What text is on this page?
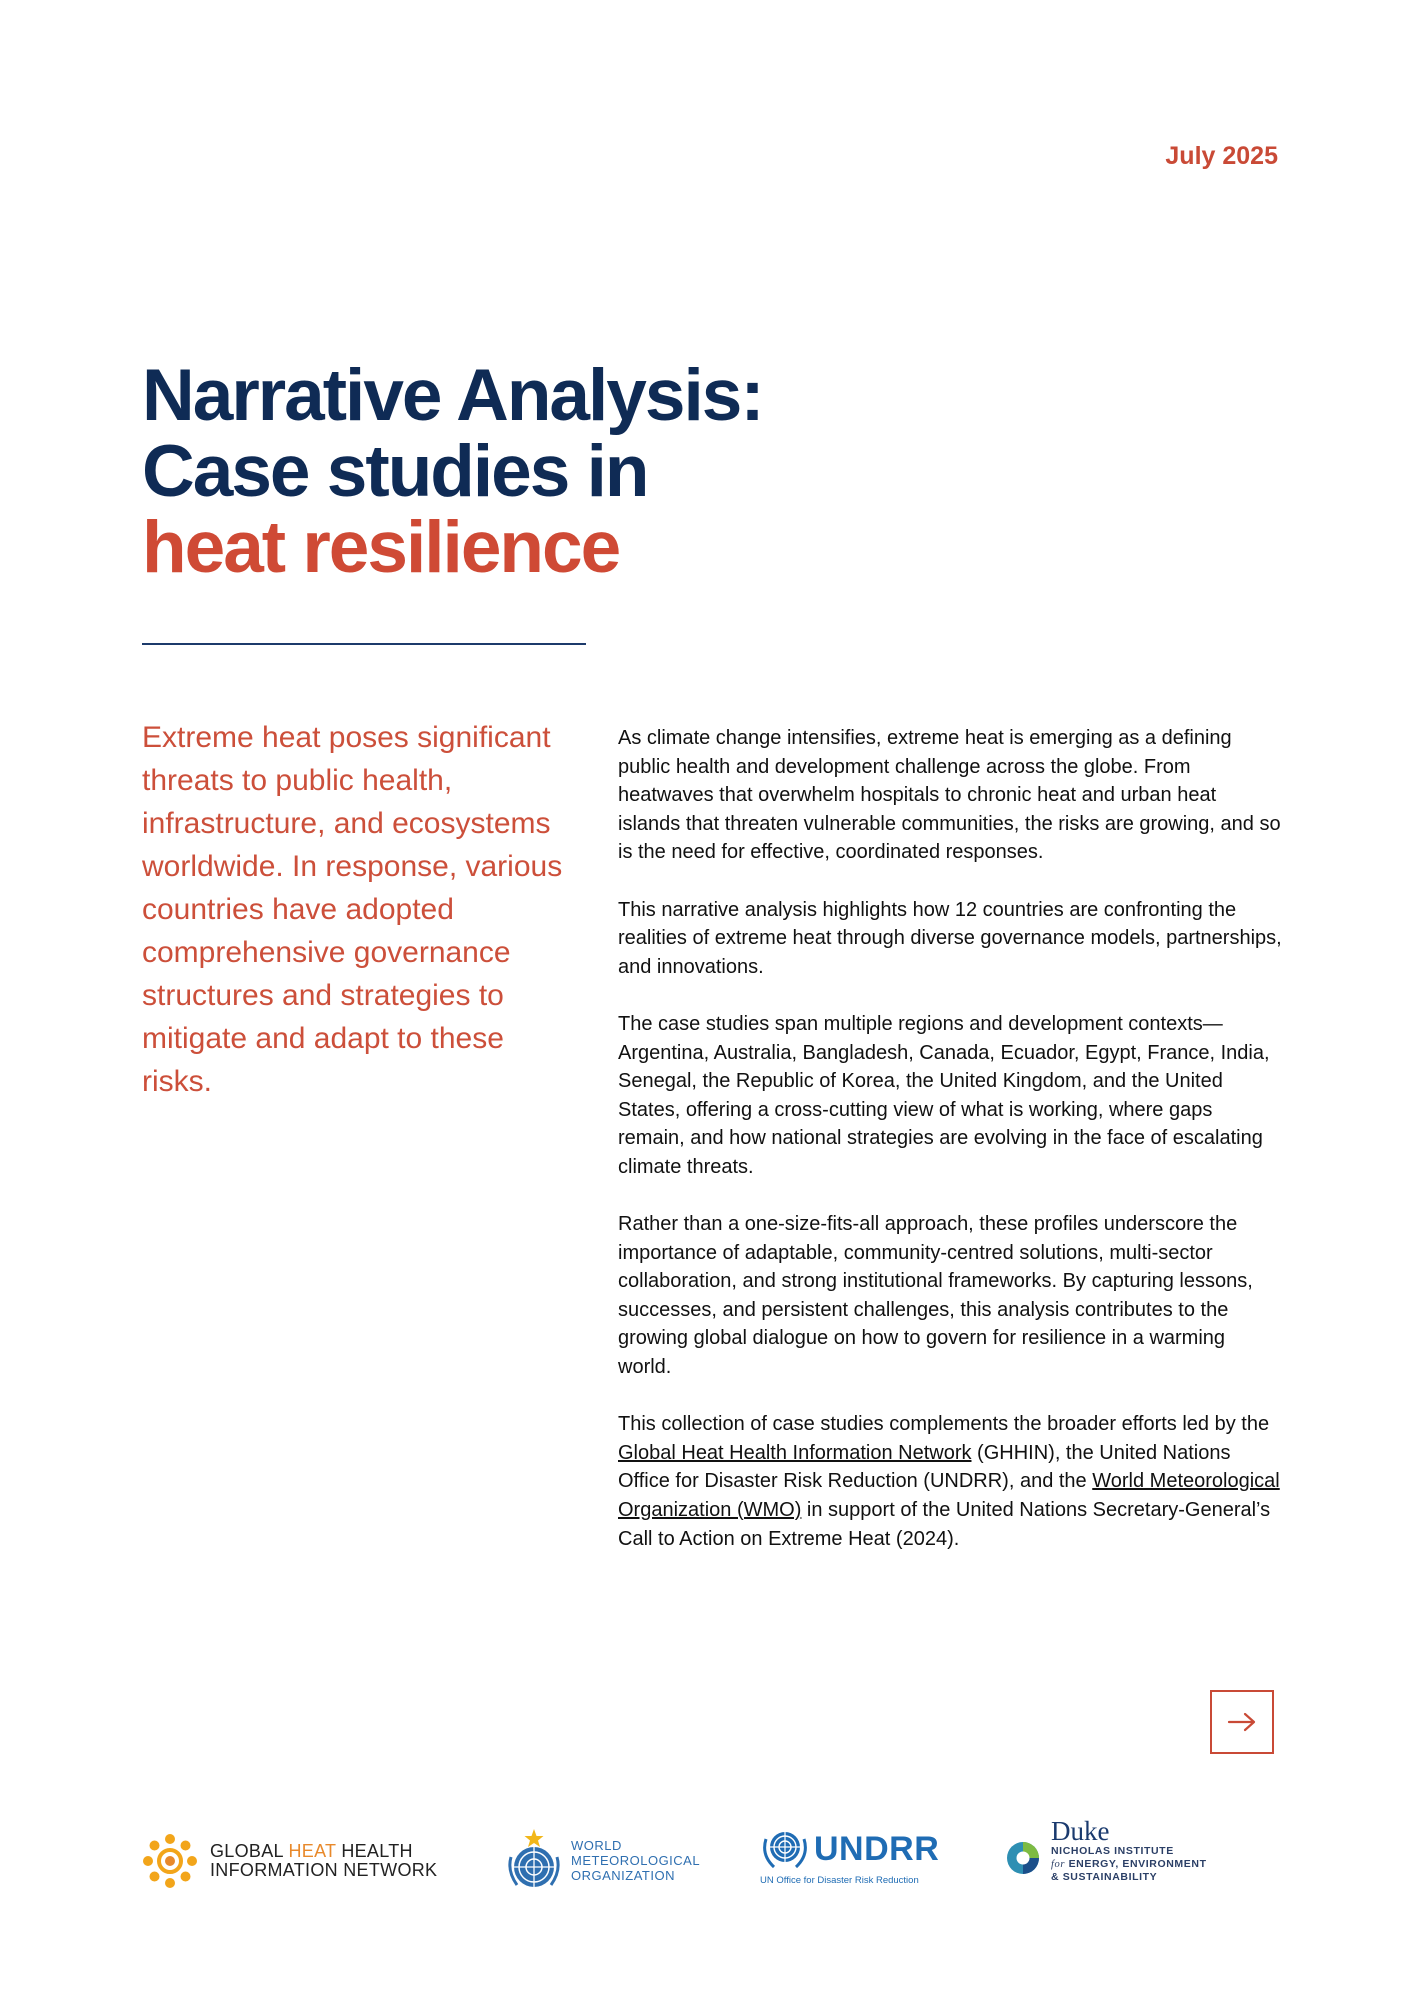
July 2025
Narrative Analysis:
Case studies in
heat resilience
Extreme heat poses significant threats to public health, infrastructure, and ecosystems worldwide. In response, various countries have adopted comprehensive governance structures and strategies to mitigate and adapt to these risks.

As climate change intensifies, extreme heat is emerging as a defining public health and development challenge across the globe. From heatwaves that overwhelm hospitals to chronic heat and urban heat islands that threaten vulnerable communities, the risks are growing, and so is the need for effective, coordinated responses.

This narrative analysis highlights how 12 countries are confronting the realities of extreme heat through diverse governance models, partnerships, and innovations.

The case studies span multiple regions and development contexts—Argentina, Australia, Bangladesh, Canada, Ecuador, Egypt, France, India, Senegal, the Republic of Korea, the United Kingdom, and the United States, offering a cross-cutting view of what is working, where gaps remain, and how national strategies are evolving in the face of escalating climate threats.

Rather than a one-size-fits-all approach, these profiles underscore the importance of adaptable, community-centred solutions, multi-sector collaboration, and strong institutional frameworks. By capturing lessons, successes, and persistent challenges, this analysis contributes to the growing global dialogue on how to govern for resilience in a warming world.

This collection of case studies complements the broader efforts led by the Global Heat Health Information Network (GHHIN), the United Nations Office for Disaster Risk Reduction (UNDRR), and the World Meteorological Organization (WMO) in support of the United Nations Secretary-General’s Call to Action on Extreme Heat (2024).

GLOBAL HEAT HEALTH
INFORMATION NETWORK
WORLD
METEOROLOGICAL
ORGANIZATION
UNDRR
UN Office for Disaster Risk Reduction
Duke
NICHOLAS INSTITUTE
for ENERGY, ENVIRONMENT
& SUSTAINABILITY
